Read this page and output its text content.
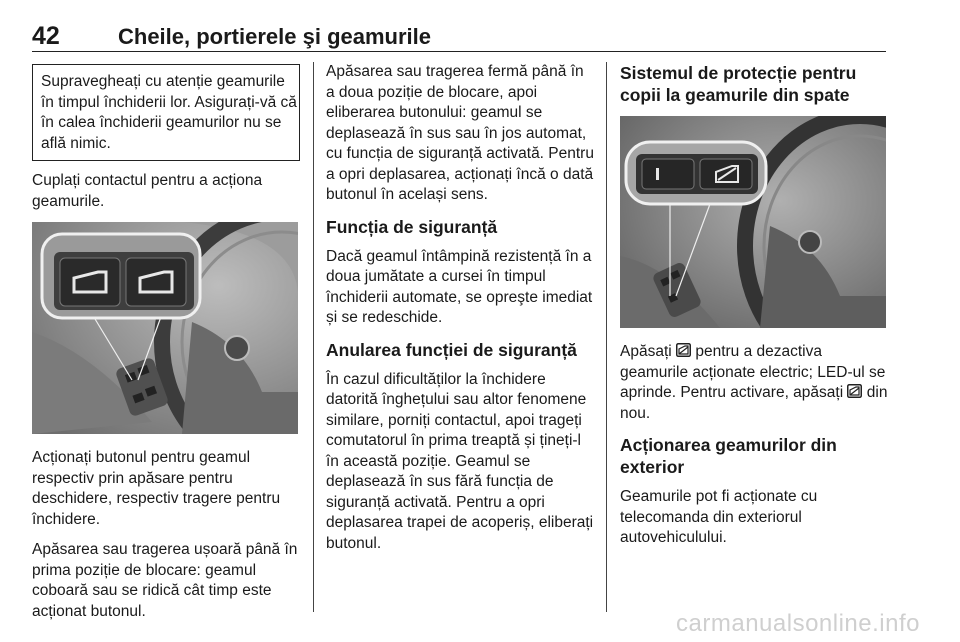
42	Cheile, portierele şi geamurile
Supravegheați cu atenție geamurile în timpul închiderii lor. Asigurați-vă că în calea închiderii geamurilor nu se află nimic.

Cuplați contactul pentru a acționa geamurile.

Acționați butonul pentru geamul respectiv prin apăsare pentru deschidere, respectiv tragere pentru închidere.

Apăsarea sau tragerea ușoară până în prima poziție de blocare: geamul coboară sau se ridică cât timp este acționat butonul.

Apăsarea sau tragerea fermă până în a doua poziție de blocare, apoi eliberarea butonului: geamul se deplasează în sus sau în jos automat, cu funcția de siguranță activată. Pentru a opri deplasarea, acționați încă o dată butonul în același sens.

Funcția de siguranță

Dacă geamul întâmpină rezistență în a doua jumătate a cursei în timpul închiderii automate, se opreşte imediat și se redeschide.

Anularea funcției de siguranță

În cazul dificultăților la închidere datorită înghețului sau altor fenomene similare, porniți contactul, apoi trageți comutatorul în prima treaptă și țineți-l în această poziție. Geamul se deplasează în sus fără funcția de siguranță activată. Pentru a opri deplasarea trapei de acoperiș, eliberați butonul.

Sistemul de protecție pentru copii la geamurile din spate

Apăsați pentru a dezactiva geamurile acționate electric; LED-ul se aprinde. Pentru activare, apăsați din nou.

Acționarea geamurilor din exterior

Geamurile pot fi acționate cu telecomanda din exteriorul autovehiculului.

carmanualsonline.info
